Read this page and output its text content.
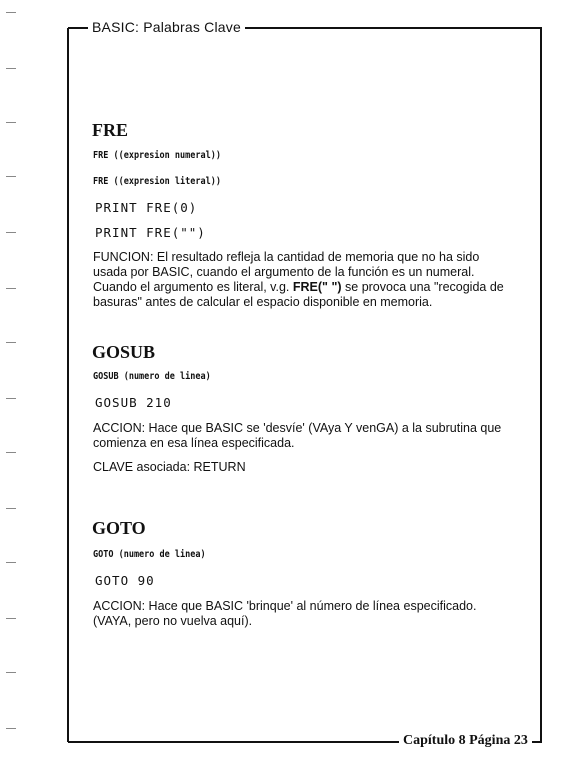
BASIC: Palabras Clave
Capítulo 8 Página 23
FRE
FRE ((expresion numeral))
FRE ((expresion literal))
PRINT FRE(0)
PRINT FRE("")
FUNCION: El resultado refleja la cantidad de memoria que no ha sido usada por BASIC, cuando el argumento de la función es un numeral. Cuando el argumento es literal, v.g. FRE(" ") se provoca una "recogida de basuras" antes de calcular el espacio disponible en memoria.
GOSUB
GOSUB (numero de linea)
GOSUB 210
ACCION: Hace que BASIC se 'desvíe' (VAya Y venGA) a la subrutina que comienza en esa línea especificada.
CLAVE asociada: RETURN
GOTO
GOTO (numero de linea)
GOTO 90
ACCION: Hace que BASIC 'brinque' al número de línea especificado. (VAYA, pero no vuelva aquí).
